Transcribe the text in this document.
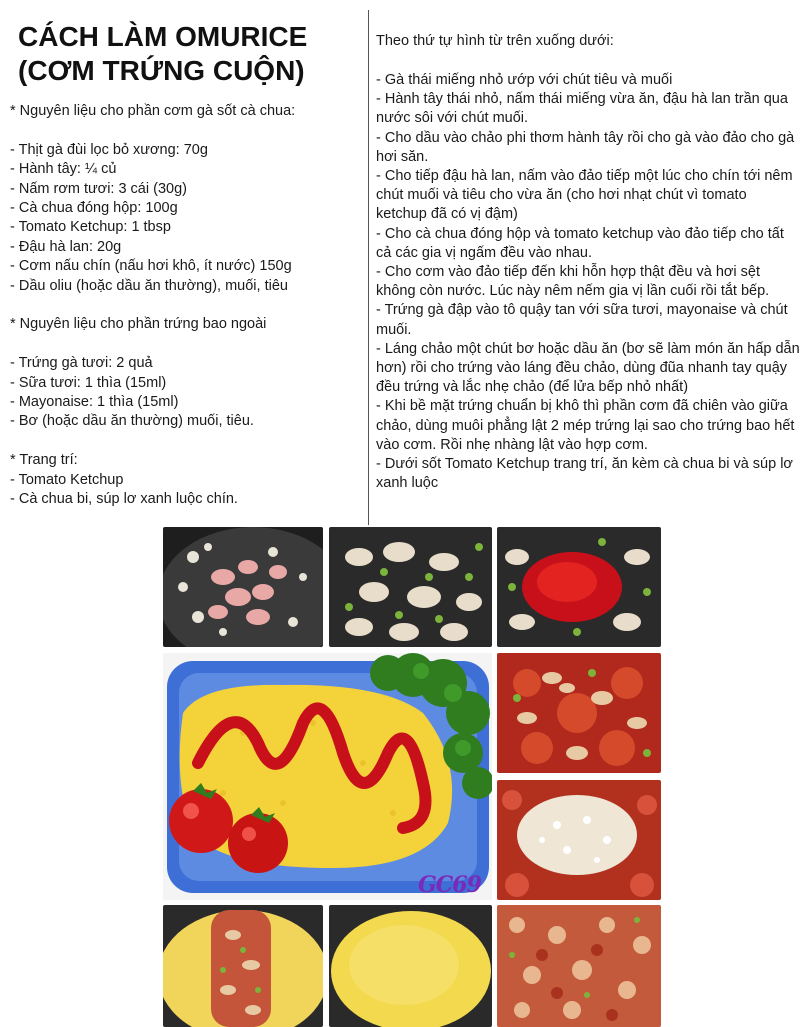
CÁCH LÀM OMURICE
(CƠM TRỨNG CUỘN)
* Nguyên liệu cho phần cơm gà sốt cà chua:
- Thịt gà đùi lọc bỏ xương: 70g
- Hành tây: ¼ củ
- Nấm rơm tươi: 3 cái (30g)
- Cà chua đóng hộp: 100g
- Tomato Ketchup: 1 tbsp
- Đậu hà lan: 20g
- Cơm nấu chín (nấu hơi khô, ít nước) 150g
- Dầu oliu (hoặc dầu ăn thường), muối, tiêu
* Nguyên liệu cho phần trứng bao ngoài
- Trứng gà tươi: 2 quả
- Sữa tươi: 1 thìa (15ml)
- Mayonaise: 1 thìa (15ml)
- Bơ (hoặc dầu ăn thường) muối, tiêu.
* Trang trí:
- Tomato Ketchup
- Cà chua bi, súp lơ xanh luộc chín.
Theo thứ tự hình từ trên xuống dưới:
- Gà thái miếng nhỏ ướp với chút tiêu và muối
- Hành tây thái nhỏ, nấm thái miếng vừa ăn, đậu hà lan trần qua nước sôi với chút muối.
- Cho dầu vào chảo phi thơm hành tây rồi cho gà vào đảo cho gà hơi săn.
- Cho tiếp đậu hà lan, nấm vào đảo tiếp một lúc cho chín tới nêm chút muối và tiêu cho vừa ăn (cho hơi nhạt chút vì tomato ketchup đã có vị đậm)
- Cho cà chua đóng hộp và tomato ketchup vào đảo tiếp cho tất cả các gia vị ngấm đều vào nhau.
- Cho cơm vào đảo tiếp đến khi hỗn hợp thật đều và hơi sệt không còn nước. Lúc này nêm nếm gia vị lần cuối rồi tắt bếp.
- Trứng gà đập vào tô quậy tan với sữa tươi, mayonaise và chút muối.
- Láng chảo một chút bơ hoặc dầu ăn (bơ sẽ làm món ăn hấp dẫn hơn) rồi cho trứng vào láng đều chảo, dùng đũa nhanh tay quậy đều trứng và lắc nhẹ chảo (để lửa bếp nhỏ nhất)
- Khi bề mặt trứng chuẩn bị khô thì phần cơm đã chiên vào giữa chảo, dùng muôi phẳng lật 2 mép trứng lại sao cho trứng bao hết vào cơm. Rồi nhẹ nhàng lật vào hợp cơm.
- Dưới sốt Tomato Ketchup trang trí, ăn kèm cà chua bi và súp lơ xanh luộc
GC69
